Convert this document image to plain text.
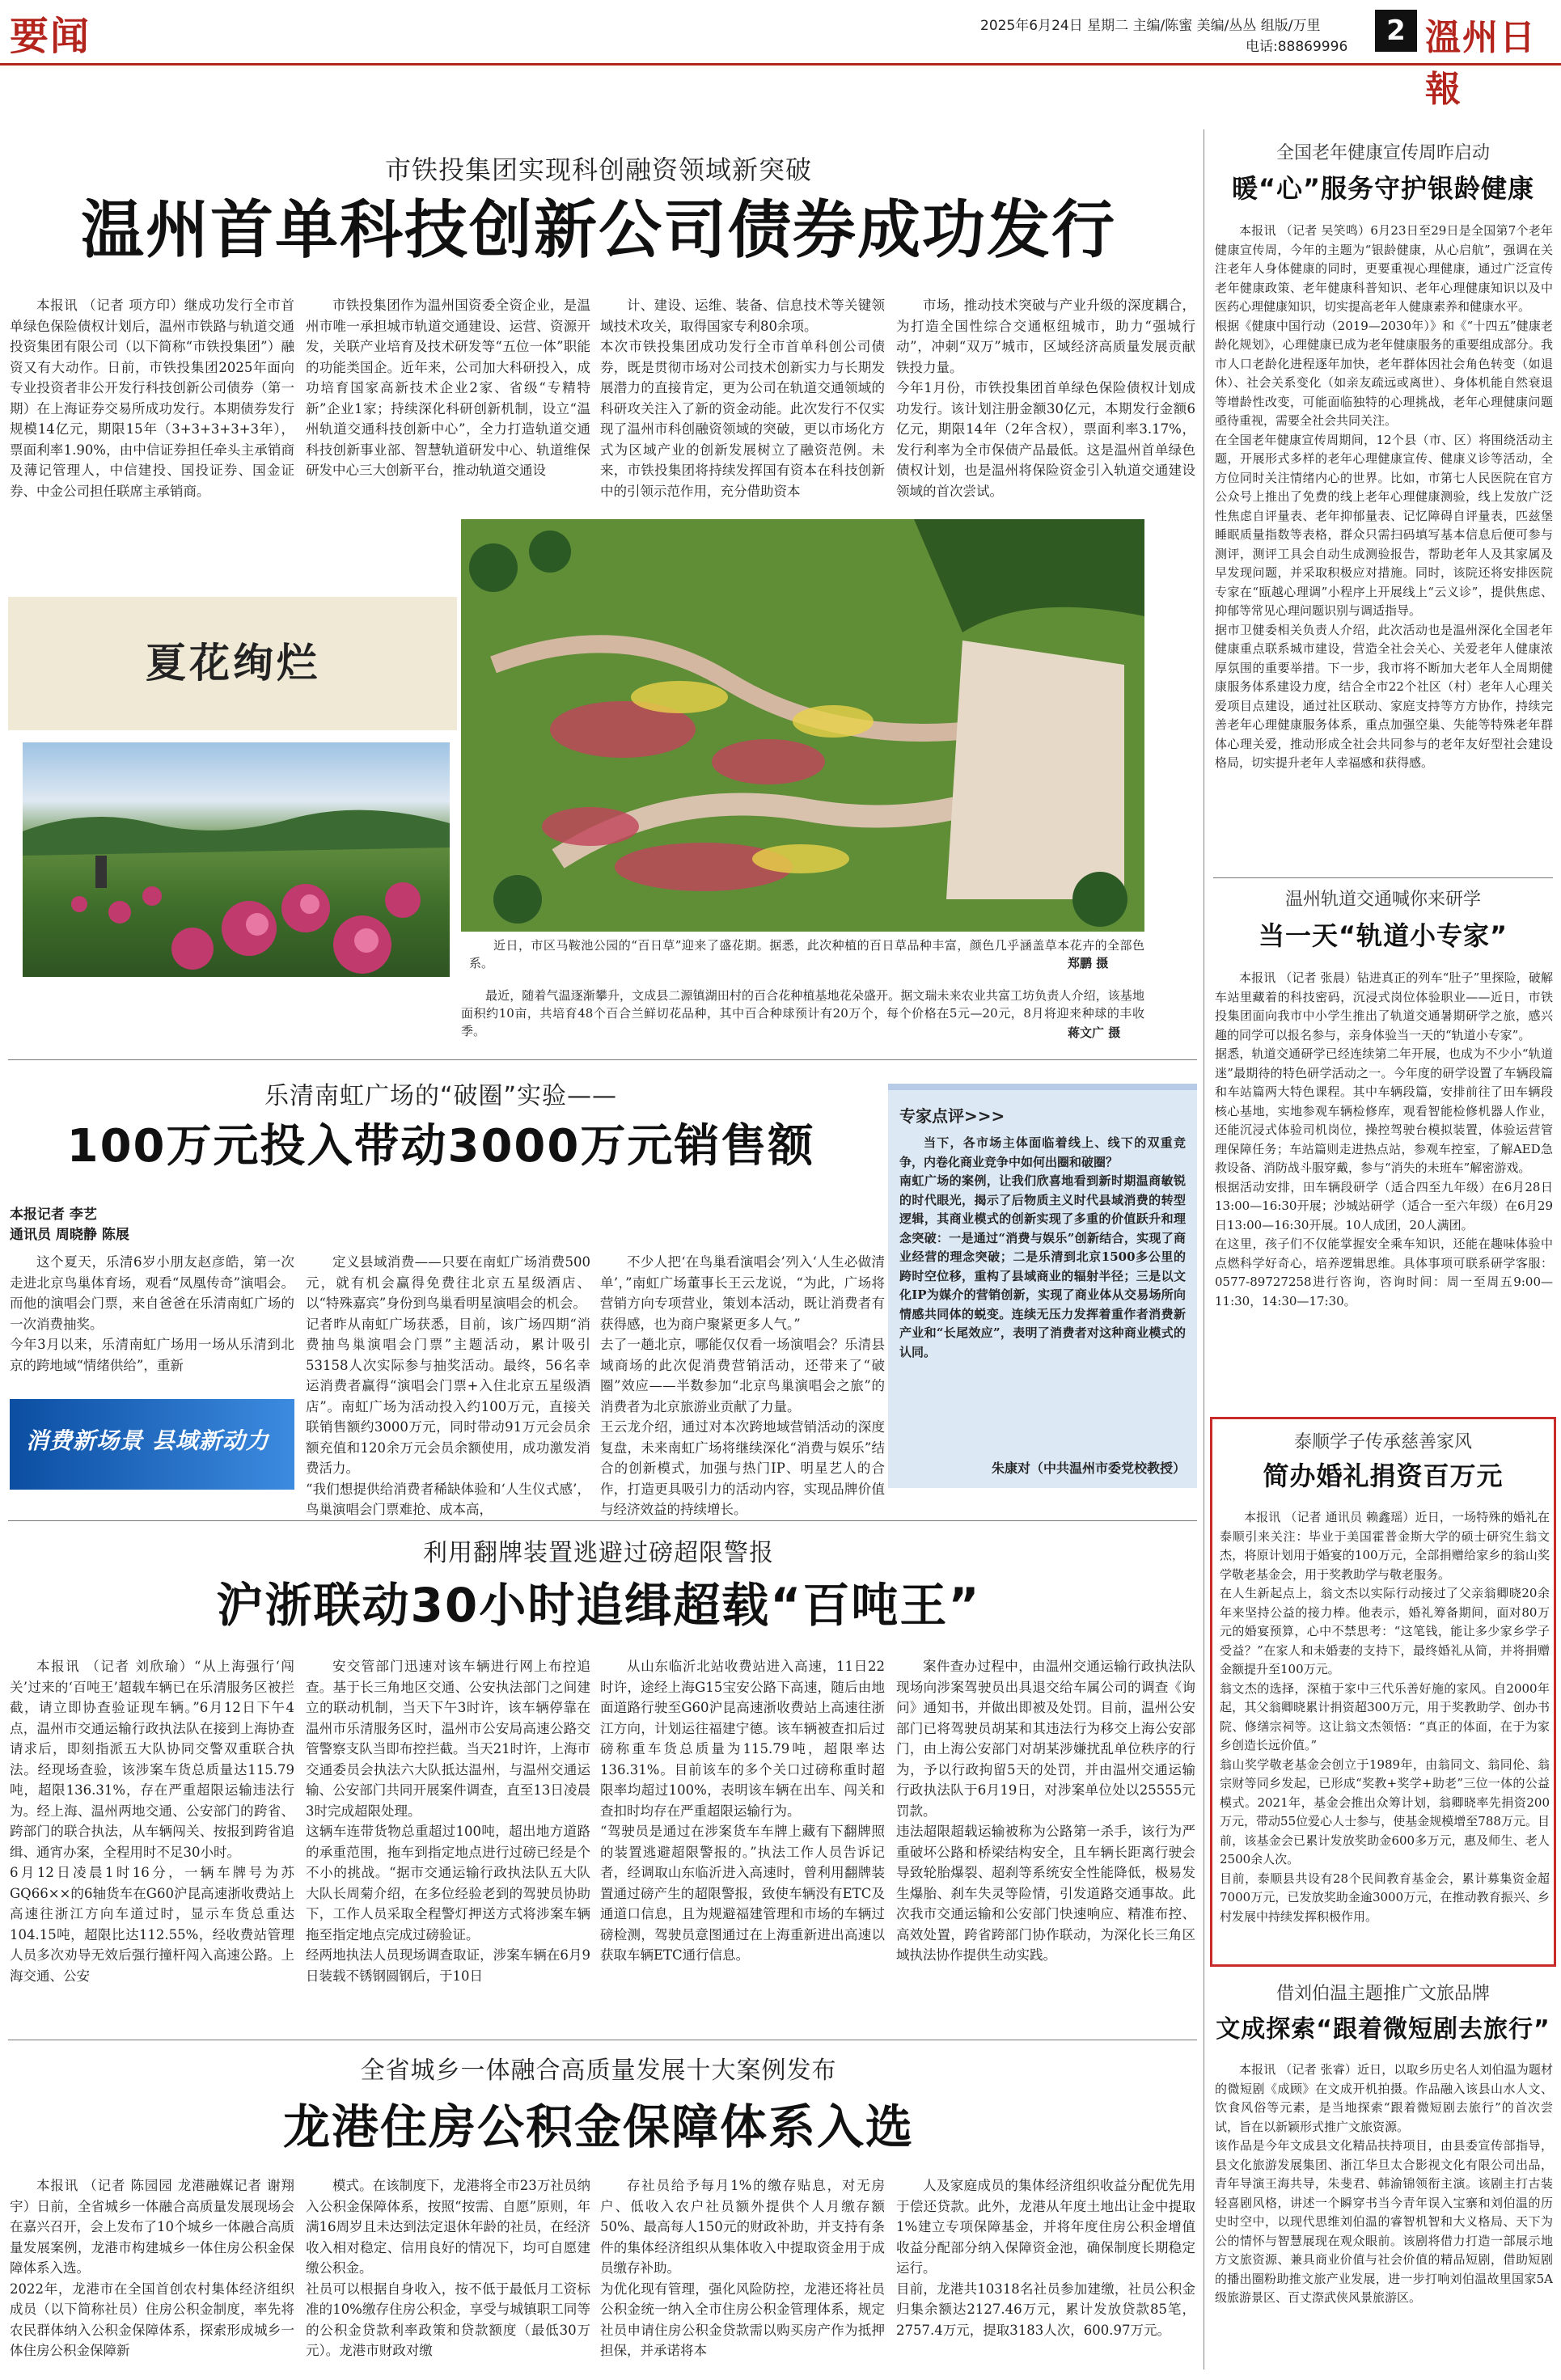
要闻	2025年6月24日 星期二 主编/陈蜜 美编/丛丛 组版/万里
电话:88869996	2 溫州日報
市铁投集团实现科创融资领域新突破
温州首单科技创新公司债券成功发行
本报讯 （记者 项方印）继成功发行全市首单绿色保险债权计划后，温州市铁路与轨道交通投资集团有限公司（以下简称“市铁投集团”）融资又有大动作。日前，市铁投集团2025年面向专业投资者非公开发行科技创新公司债券（第一期）在上海证券交易所成功发行。本期债券发行规模14亿元，期限15年（3+3+3+3+3年），票面利率1.90%，由中信证券担任牵头主承销商及薄记管理人，中信建投、国投证券、国金证券、中金公司担任联席主承销商。
市铁投集团作为温州国资委全资企业，是温州市唯一承担城市轨道交通建设、运营、资源开发，关联产业培育及技术研发等“五位一体”职能的功能类国企。近年来，公司加大科研投入，成功培育国家高新技术企业2家、省级“专精特新”企业1家；持续深化科研创新机制，设立“温州轨道交通科技创新中心”，全力打造轨道交通科技创新事业部、智慧轨道研发中心、轨道维保研发中心三大创新平台，推动轨道交通设
计、建设、运维、装备、信息技术等关键领域技术攻关，取得国家专利80余项。
本次市铁投集团成功发行全市首单科创公司债券，既是贯彻市场对公司技术创新实力与长期发展潜力的直接肯定，更为公司在轨道交通领域的科研攻关注入了新的资金动能。此次发行不仅实现了温州市科创融资领域的突破，更以市场化方式为区域产业的创新发展树立了融资范例。未来，市铁投集团将持续发挥国有资本在科技创新中的引领示范作用，充分借助资本
市场，推动技术突破与产业升级的深度耦合，为打造全国性综合交通枢纽城市，助力“强城行动”，冲刺“双万”城市，区域经济高质量发展贡献铁投力量。
今年1月份，市铁投集团首单绿色保险债权计划成功发行。该计划注册金额30亿元，本期发行金额6亿元，期限14年（2年含权），票面利率3.17%，发行利率为全市保债产品最低。这是温州首单绿色债权计划，也是温州将保险资金引入轨道交通建设领域的首次尝试。
夏花绚烂
近日，市区马鞍池公园的“百日草”迎来了盛花期。据悉，此次种植的百日草品种丰富，颜色几乎涵盖草本花卉的全部色系。	郑鹏 摄
最近，随着气温逐渐攀升，文成县二源镇湖田村的百合花种植基地花朵盛开。据文瑞未来农业共富工坊负责人介绍，该基地面积约10亩，共培育48个百合兰鲜切花品种，其中百合种球预计有20万个，每个价格在5元—20元，8月将迎来种球的丰收季。	蒋文广 摄
乐清南虹广场的“破圈”实验——
100万元投入带动3000万元销售额
本报记者 李艺
通讯员 周晓静 陈展
这个夏天，乐清6岁小朋友赵彦皓，第一次走进北京鸟巢体育场，观看“凤凰传奇”演唱会。而他的演唱会门票，来自爸爸在乐清南虹广场的一次消费抽奖。
今年3月以来，乐清南虹广场用一场从乐清到北京的跨地域“情绪供给”，重新
消费新场景 县域新动力
定义县域消费——只要在南虹广场消费500元，就有机会赢得免费往北京五星级酒店、以“特殊嘉宾”身份到鸟巢看明星演唱会的机会。
记者昨从南虹广场获悉，目前，该广场四期“消费抽鸟巢演唱会门票”主题活动，累计吸引53158人次实际参与抽奖活动。最终，56名幸运消费者赢得“演唱会门票+入住北京五星级酒店”。南虹广场为活动投入约100万元，直接关联销售额约3000万元，同时带动91万元会员余额充值和120余万元会员余额使用，成功激发消费活力。
“我们想提供给消费者稀缺体验和‘人生仪式感’，鸟巢演唱会门票难抢、成本高，
不少人把‘在鸟巢看演唱会’列入‘人生必做清单’，”南虹广场董事长王云龙说，“为此，广场将营销方向专项营业，策划本活动，既让消费者有获得感，也为商户聚紧更多人气。”
去了一趟北京，哪能仅仅看一场演唱会？乐清县域商场的此次促消费营销活动，还带来了“破圈”效应——半数参加“北京鸟巢演唱会之旅”的消费者为北京旅游业贡献了力量。
王云龙介绍，通过对本次跨地域营销活动的深度复盘，未来南虹广场将继续深化“消费与娱乐”结合的创新模式，加强与热门IP、明星艺人的合作，打造更具吸引力的活动内容，实现品牌价值与经济效益的持续增长。
专家点评>>>
当下，各市场主体面临着线上、线下的双重竞争，内卷化商业竞争中如何出圈和破圈？
南虹广场的案例，让我们欣喜地看到新时期温商敏锐的时代眼光，揭示了后物质主义时代县域消费的转型逻辑，其商业模式的创新实现了多重的价值跃升和理念突破：一是通过“消费与娱乐”创新结合，实现了商业经营的理念突破；二是乐清到北京1500多公里的跨时空位移，重构了县域商业的辐射半径；三是以文化IP为媒介的营销创新，实现了商业体从交易场所向情感共同体的蜕变。连续无压力发挥着重作者消费新产业和“长尾效应”，表明了消费者对这种商业模式的认同。
朱康对（中共温州市委党校教授）
利用翻牌装置逃避过磅超限警报
沪浙联动30小时追缉超载“百吨王”
本报讯 （记者 刘欣瑜）“从上海强行‘闯关’过来的‘百吨王’超载车辆已在乐清服务区被拦截，请立即协查验证现车辆。”6月12日下午4点，温州市交通运输行政执法队在接到上海协查请求后，即刻指派五大队协同交警双重联合执法。经现场查验，该涉案车货总质量达115.79吨，超限136.31%，存在严重超限运输违法行为。经上海、温州两地交通、公安部门的跨省、跨部门的联合执法，从车辆闯关、按报到跨省追缉、通宵办案，全程用时不足30小时。
6月12日凌晨1时16分，一辆车牌号为苏GQ66××的6轴货车在G60沪昆高速浙收费站上高速往浙江方向车道过时，显示车货总重达104.15吨，超限比达112.55%，经收费站管理人员多次劝导无效后强行撞杆闯入高速公路。上海交通、公安
安交管部门迅速对该车辆进行网上布控追查。基于长三角地区交通、公安执法部门之间建立的联动机制，当天下午3时许，该车辆停靠在温州市乐清服务区时，温州市公安局高速公路交管警察支队当即布控拦截。当天21时许，上海市交通委员会执法六大队抵达温州，与温州交通运输、公安部门共同开展案件调查，直至13日凌晨3时完成超限处理。
这辆车连带货物总重超过100吨，超出地方道路的承重范围，拖车到指定地点进行过磅已经是个不小的挑战。“据市交通运输行政执法队五大队大队长周菊介绍，在多位经验老到的驾驶员协助下，工作人员采取全程警灯押送方式将涉案车辆拖至指定地点完成过磅验证。
经两地执法人员现场调查取证，涉案车辆在6月9日装载不锈钢圆钢后，于10日
从山东临沂北站收费站进入高速，11日22时许，途经上海G15宝安公路下高速，随后由地面道路行驶至G60沪昆高速浙收费站上高速往浙江方向，计划运往福建宁德。该车辆被查扣后过磅称重车货总质量为115.79吨，超限率达136.31%。目前该车的多个关口过磅称重时超限率均超过100%，表明该车辆在出车、闯关和查扣时均存在严重超限运输行为。
“驾驶员是通过在涉案货车车牌上藏有下翻牌照的装置逃避超限警报的。”执法工作人员告诉记者，经调取山东临沂进入高速时，曾利用翻牌装置通过磅产生的超限警报，致使车辆没有ETC及通道口信息，且为规避福建管理和市场的车辆过磅检测，驾驶员意图通过在上海重新进出高速以获取车辆ETC通行信息。
案件查办过程中，由温州交通运输行政执法队现场向涉案驾驶员出具退交给车属公司的调查《询问》通知书，并做出即被及处罚。目前，温州公安部门已将驾驶员胡某和其违法行为移交上海公安部门，由上海公安部门对胡某涉嫌扰乱单位秩序的行为，予以行政拘留5天的处罚，并由温州交通运输行政执法队于6月19日，对涉案单位处以25555元罚款。
违法超限超载运输被称为公路第一杀手，该行为严重破坏公路和桥梁结构安全，且车辆长距离行驶会导致轮胎爆裂、超刹等系统安全性能降低，极易发生爆胎、刹车失灵等险情，引发道路交通事故。此次我市交通运输和公安部门快速响应、精准布控、高效处置，跨省跨部门协作联动，为深化长三角区域执法协作提供生动实践。
全省城乡一体融合高质量发展十大案例发布
龙港住房公积金保障体系入选
本报讯 （记者 陈园园 龙港融媒记者 谢翔宇）日前，全省城乡一体融合高质量发展现场会在嘉兴召开，会上发布了10个城乡一体融合高质量发展案例，龙港市构建城乡一体住房公积金保障体系入选。
2022年，龙港市在全国首创农村集体经济组织成员（以下简称社员）住房公积金制度，率先将农民群体纳入公积金保障体系，探索形成城乡一体住房公积金保障新
模式。在该制度下，龙港将全市23万社员纳入公积金保障体系，按照“按需、自愿”原则，年满16周岁且未达到法定退休年龄的社员，在经济收入相对稳定、信用良好的情况下，均可自愿建缴公积金。
社员可以根据自身收入，按不低于最低月工资标准的10%缴存住房公积金，享受与城镇职工同等的公积金贷款利率政策和贷款额度（最低30万元）。龙港市财政对缴
存社员给予每月1%的缴存贴息，对无房户、低收入农户社员额外提供个人月缴存额50%、最高每人150元的财政补助，并支持有条件的集体经济组织从集体收入中提取资金用于成员缴存补助。
为优化现有管理，强化风险防控，龙港还将社员公积金统一纳入全市住房公积金管理体系，规定社员申请住房公积金贷款需以购买房产作为抵押担保，并承诺将本
人及家庭成员的集体经济组织收益分配优先用于偿还贷款。此外，龙港从年度土地出让金中提取1%建立专项保障基金，并将年度住房公积金增值收益分配部分纳入保障资金池，确保制度长期稳定运行。
目前，龙港共10318名社员参加建缴，社员公积金归集余额达2127.46万元，累计发放贷款85笔，2757.4万元，提取3183人次，600.97万元。
全国老年健康宣传周昨启动
暖“心”服务守护银龄健康
本报讯 （记者 吴笑鸣）6月23日至29日是全国第7个老年健康宣传周，今年的主题为“银龄健康，从心启航”，强调在关注老年人身体健康的同时，更要重视心理健康，通过广泛宣传老年健康政策、老年健康科普知识、老年心理健康知识以及中医药心理健康知识，切实提高老年人健康素养和健康水平。
根据《健康中国行动（2019—2030年）》和《“十四五”健康老龄化规划》，心理健康已成为老年健康服务的重要组成部分。我市人口老龄化进程逐年加快，老年群体因社会角色转变（如退休）、社会关系变化（如亲友疏远或离世）、身体机能自然衰退等增龄性改变，可能面临独特的心理挑战，老年心理健康问题亟待重视，需要全社会共同关注。
在全国老年健康宣传周期间，12个县（市、区）将围绕活动主题，开展形式多样的老年心理健康宣传、健康义诊等活动，全方位同时关注情绪内心的世界。比如，市第七人民医院在官方公众号上推出了免费的线上老年心理健康测验，线上发放广泛性焦虑自评量表、老年抑郁量表、记忆障碍自评量表，匹兹堡睡眠质量指数等表格，群众只需扫码填写基本信息后便可参与测评，测评工具会自动生成测验报告，帮助老年人及其家属及早发现问题，并采取积极应对措施。同时，该院还将安排医院专家在“瓯越心理调”小程序上开展线上“云义诊”，提供焦虑、抑郁等常见心理问题识别与调适指导。
据市卫健委相关负责人介绍，此次活动也是温州深化全国老年健康重点联系城市建设，营造全社会关心、关爱老年人健康浓厚氛围的重要举措。下一步，我市将不断加大老年人全周期健康服务体系建设力度，结合全市22个社区（村）老年人心理关爱项目点建设，通过社区联动、家庭支持等方方协作，持续完善老年心理健康服务体系，重点加强空巢、失能等特殊老年群体心理关爱，推动形成全社会共同参与的老年友好型社会建设格局，切实提升老年人幸福感和获得感。
温州轨道交通喊你来研学
当一天“轨道小专家”
本报讯 （记者 张晨）钻进真正的列车“肚子”里探险，破解车站里藏着的科技密码，沉浸式岗位体验职业——近日，市铁投集团面向我市中小学生推出了轨道交通暑期研学之旅，感兴趣的同学可以报名参与，亲身体验当一天的“轨道小专家”。
据悉，轨道交通研学已经连续第二年开展，也成为不少小“轨道迷”最期待的特色研学活动之一。今年度的研学设置了车辆段篇和车站篇两大特色课程。其中车辆段篇，安排前往了田车辆段核心基地，实地参观车辆检修库，观看智能检修机器人作业，还能沉浸式体验司机岗位，操控驾驶台模拟装置，体验运营管理保障任务；车站篇则走进热点站，参观车控室，了解AED急救设备、消防战斗服穿戴，参与“消失的未班车”解密游戏。
根据活动安排，田车辆段研学（适合四至九年级）在6月28日13:00—16:30开展；沙城站研学（适合一至六年级）在6月29日13:00—16:30开展。10人成团，20人满团。
在这里，孩子们不仅能掌握安全乘车知识，还能在趣味体验中点燃科学好奇心，培养逻辑思维。具体事项可联系研学客服：0577-89727258进行咨询，咨询时间：周一至周五9:00—11:30，14:30—17:30。
泰顺学子传承慈善家风
简办婚礼捐资百万元
本报讯 （记者 通讯员 赖鑫瑶）近日，一场特殊的婚礼在泰顺引来关注：毕业于美国霍普金斯大学的硕士研究生翁文杰，将原计划用于婚宴的100万元，全部捐赠给家乡的翁山奖学敬老基金会，用于奖教助学与敬老服务。
在人生新起点上，翁文杰以实际行动接过了父亲翁卿晓20余年来坚持公益的接力棒。他表示，婚礼筹备期间，面对80万元的婚宴预算，心中不禁思考：“这笔钱，能让多少家乡学子受益？”在家人和未婚妻的支持下，最终婚礼从简，并将捐赠金额提升至100万元。
翁文杰的选择，深植于家中三代乐善好施的家风。自2000年起，其父翁卿晓累计捐资超300万元，用于奖教助学、创办书院、修缮宗祠等。这让翁文杰领悟：“真正的体面，在于为家乡创造长远价值。”
翁山奖学敬老基金会创立于1989年，由翁同文、翁同伦、翁宗财等同乡发起，已形成“奖教+奖学+助老”三位一体的公益模式。2021年，基金会推出众筹计划，翁卿晓率先捐资200万元，带动55位爱心人士参与，使基金规模增至788万元。目前，该基金会已累计发放奖助金600多万元，惠及师生、老人2500余人次。
目前，泰顺县共设有28个民间教育基金会，累计募集资金超7000万元，已发放奖助金逾3000万元，在推动教育振兴、乡村发展中持续发挥积极作用。
借刘伯温主题推广文旅品牌
文成探索“跟着微短剧去旅行”
本报讯 （记者 张睿）近日，以取乡历史名人刘伯温为题材的微短剧《成顾》在文成开机拍摄。作品融入该县山水人文、饮食风俗等元素，是当地探索“跟着微短剧去旅行”的首次尝试，旨在以新颖形式推广文旅资源。
该作品是今年文成县文化精品扶持项目，由县委宣传部指导，县文化旅游发展集团、浙江华旦太合影视文化有限公司出品，青年导演王海共导，朱斐君、韩渝锦领衔主演。该剧主打古装轻喜剧风格，讲述一个瞬穿书当今青年误入宝寨和刘伯温的历史时空中，以现代思维刘伯温的睿智机智和大义格局、天下为公的情怀与智慧展现在观众眼前。该剧将借力打造一部展示地方文旅资源、兼具商业价值与社会价值的精品短剧，借助短剧的播出圈粉助推文旅产业发展，进一步打响刘伯温故里国家5A级旅游景区、百丈漈武侠风景旅游区。
